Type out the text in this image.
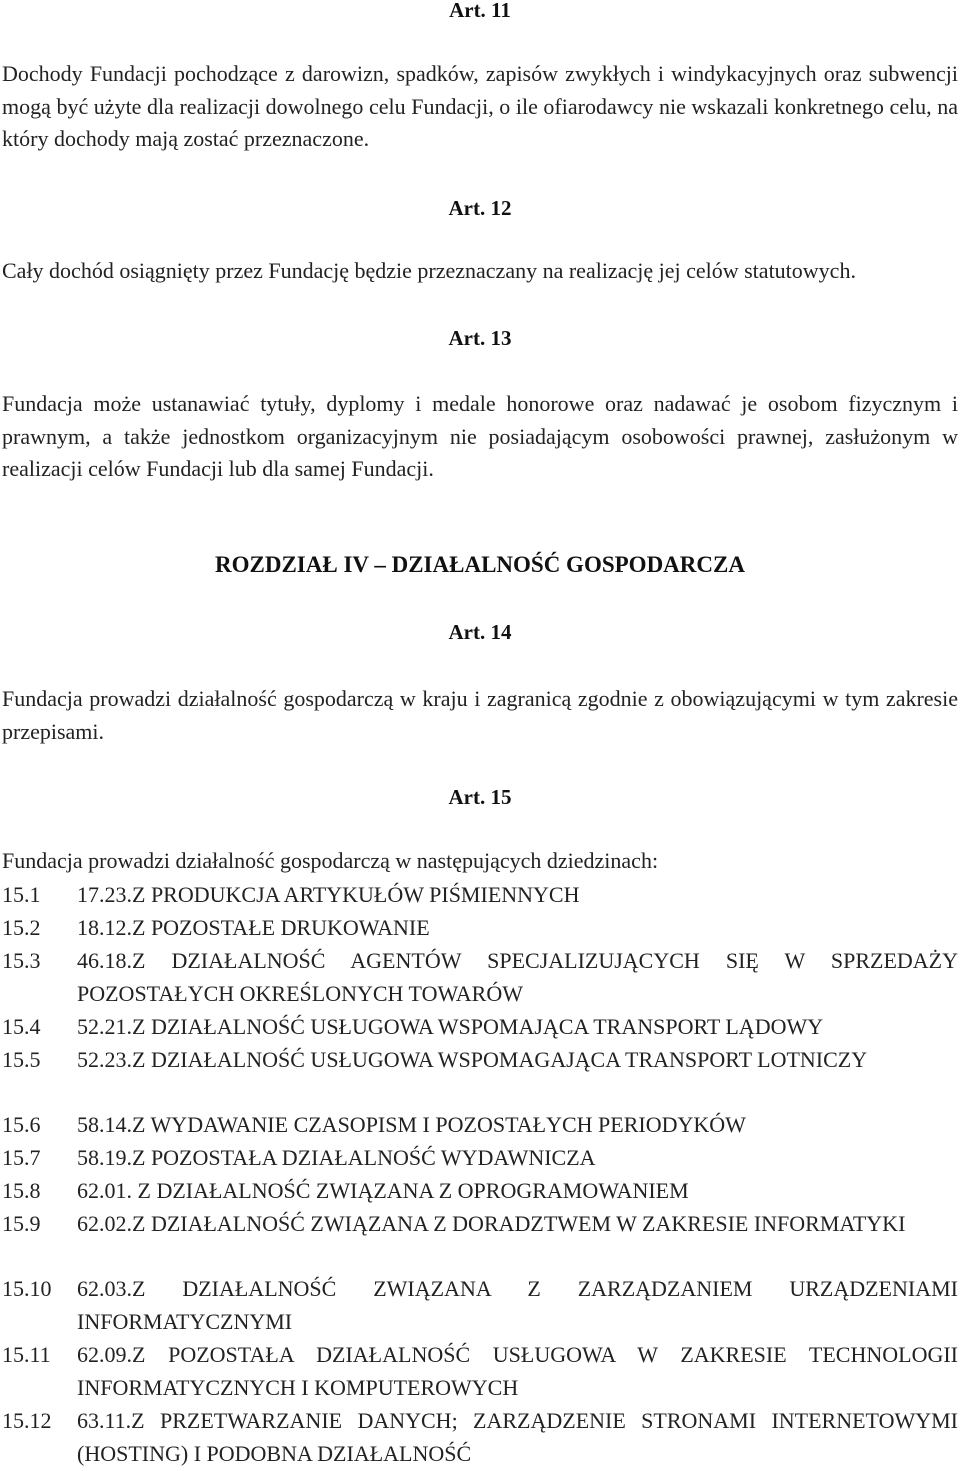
Art. 11
Dochody Fundacji pochodzące z darowizn, spadków, zapisów zwykłych i windykacyjnych oraz subwencji mogą być użyte dla realizacji dowolnego celu Fundacji, o ile ofiarodawcy nie wskazali konkretnego celu, na który dochody mają zostać przeznaczone.
Art. 12
Cały dochód osiągnięty przez Fundację będzie przeznaczany na realizację jej celów statutowych.
Art. 13
Fundacja może ustanawiać tytuły, dyplomy i medale honorowe oraz nadawać je osobom fizycznym i prawnym, a także jednostkom organizacyjnym nie posiadającym osobowości prawnej, zasłużonym w realizacji celów Fundacji lub dla samej Fundacji.
ROZDZIAŁ IV – DZIAŁALNOŚĆ GOSPODARCZA
Art. 14
Fundacja prowadzi działalność gospodarczą w kraju i zagranicą zgodnie z obowiązującymi w tym zakresie przepisami.
Art. 15
Fundacja prowadzi działalność gospodarczą w następujących dziedzinach:
15.1	17.23.Z PRODUKCJA ARTYKUŁÓW PIŚMIENNYCH
15.2	18.12.Z POZOSTAŁE DRUKOWANIE
15.3	46.18.Z DZIAŁALNOŚĆ AGENTÓW SPECJALIZUJĄCYCH SIĘ W SPRZEDAŻY POZOSTAŁYCH OKREŚLONYCH TOWARÓW
15.4	52.21.Z DZIAŁALNOŚĆ USŁUGOWA WSPOMAJĄCA TRANSPORT LĄDOWY
15.5	52.23.Z DZIAŁALNOŚĆ USŁUGOWA WSPOMAGAJĄCA TRANSPORT LOTNICZY
15.6	58.14.Z WYDAWANIE CZASOPISM I POZOSTAŁYCH PERIODYKÓW
15.7	58.19.Z POZOSTAŁA DZIAŁALNOŚĆ WYDAWNICZA
15.8	62.01. Z DZIAŁALNOŚĆ ZWIĄZANA Z OPROGRAMOWANIEM
15.9	62.02.Z DZIAŁALNOŚĆ ZWIĄZANA Z DORADZTWEM W ZAKRESIE INFORMATYKI
15.10	62.03.Z DZIAŁALNOŚĆ ZWIĄZANA Z ZARZĄDZANIEM URZĄDZENIAMI INFORMATYCZNYMI
15.11	62.09.Z POZOSTAŁA DZIAŁALNOŚĆ USŁUGOWA W ZAKRESIE TECHNOLOGII INFORMATYCZNYCH I KOMPUTEROWYCH
15.12	63.11.Z PRZETWARZANIE DANYCH; ZARZĄDZENIE STRONAMI INTERNETOWYMI (HOSTING) I PODOBNA DZIAŁALNOŚĆ
